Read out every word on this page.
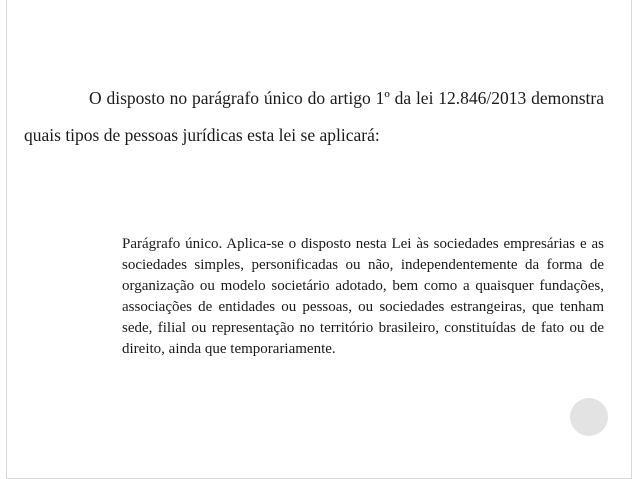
O disposto no parágrafo único do artigo 1º da lei 12.846/2013 demonstra quais tipos de pessoas jurídicas esta lei se aplicará:

Parágrafo único. Aplica-se o disposto nesta Lei às sociedades empresárias e as sociedades simples, personificadas ou não, independentemente da forma de organização ou modelo societário adotado, bem como a quaisquer fundações, associações de entidades ou pessoas, ou sociedades estrangeiras, que tenham sede, filial ou representação no território brasileiro, constituídas de fato ou de direito, ainda que temporariamente.
